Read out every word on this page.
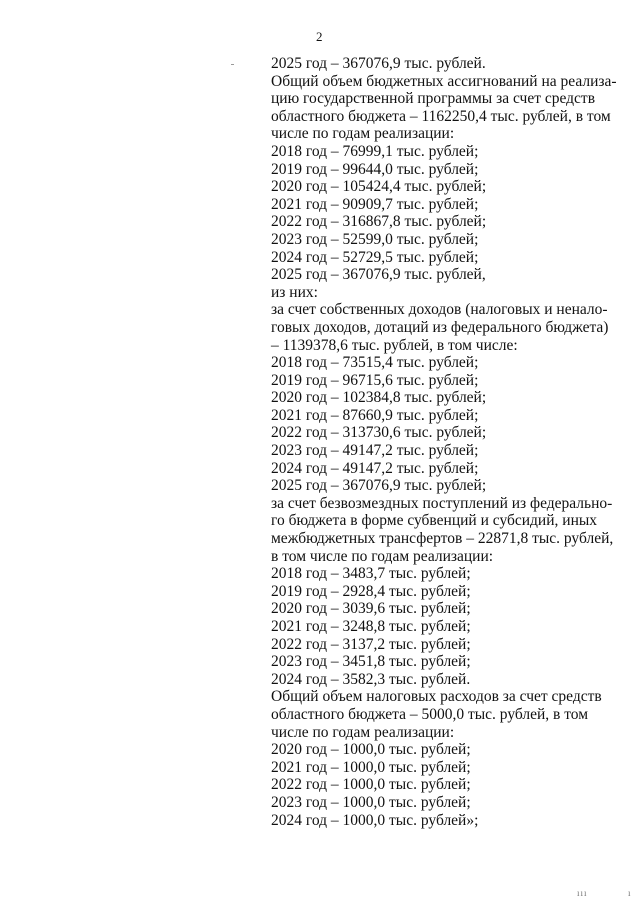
2
2025 год – 367076,9 тыс. рублей.
Общий объем бюджетных ассигнований на реализа-
цию государственной программы за счет средств
областного бюджета – 1162250,4 тыс. рублей, в том
числе по годам реализации:
2018 год – 76999,1 тыс. рублей;
2019 год – 99644,0 тыс. рублей;
2020 год – 105424,4 тыс. рублей;
2021 год – 90909,7 тыс. рублей;
2022 год – 316867,8 тыс. рублей;
2023 год – 52599,0 тыс. рублей;
2024 год – 52729,5 тыс. рублей;
2025 год – 367076,9 тыс. рублей,
из них:
за счет собственных доходов (налоговых и ненало-
говых доходов, дотаций из федерального бюджета)
– 1139378,6 тыс. рублей, в том числе:
2018 год – 73515,4 тыс. рублей;
2019 год – 96715,6 тыс. рублей;
2020 год – 102384,8 тыс. рублей;
2021 год – 87660,9 тыс. рублей;
2022 год – 313730,6 тыс. рублей;
2023 год – 49147,2 тыс. рублей;
2024 год – 49147,2 тыс. рублей;
2025 год – 367076,9 тыс. рублей;
за счет безвозмездных поступлений из федерально-
го бюджета в форме субвенций и субсидий, иных
межбюджетных трансфертов – 22871,8 тыс. рублей,
в том числе по годам реализации:
2018 год – 3483,7 тыс. рублей;
2019 год – 2928,4 тыс. рублей;
2020 год – 3039,6 тыс. рублей;
2021 год – 3248,8 тыс. рублей;
2022 год – 3137,2 тыс. рублей;
2023 год – 3451,8 тыс. рублей;
2024 год – 3582,3 тыс. рублей.
Общий объем налоговых расходов за счет средств
областного бюджета – 5000,0 тыс. рублей, в том
числе по годам реализации:
2020 год – 1000,0 тыс. рублей;
2021 год – 1000,0 тыс. рублей;
2022 год – 1000,0 тыс. рублей;
2023 год – 1000,0 тыс. рублей;
2024 год – 1000,0 тыс. рублей»;
ııı	ı
